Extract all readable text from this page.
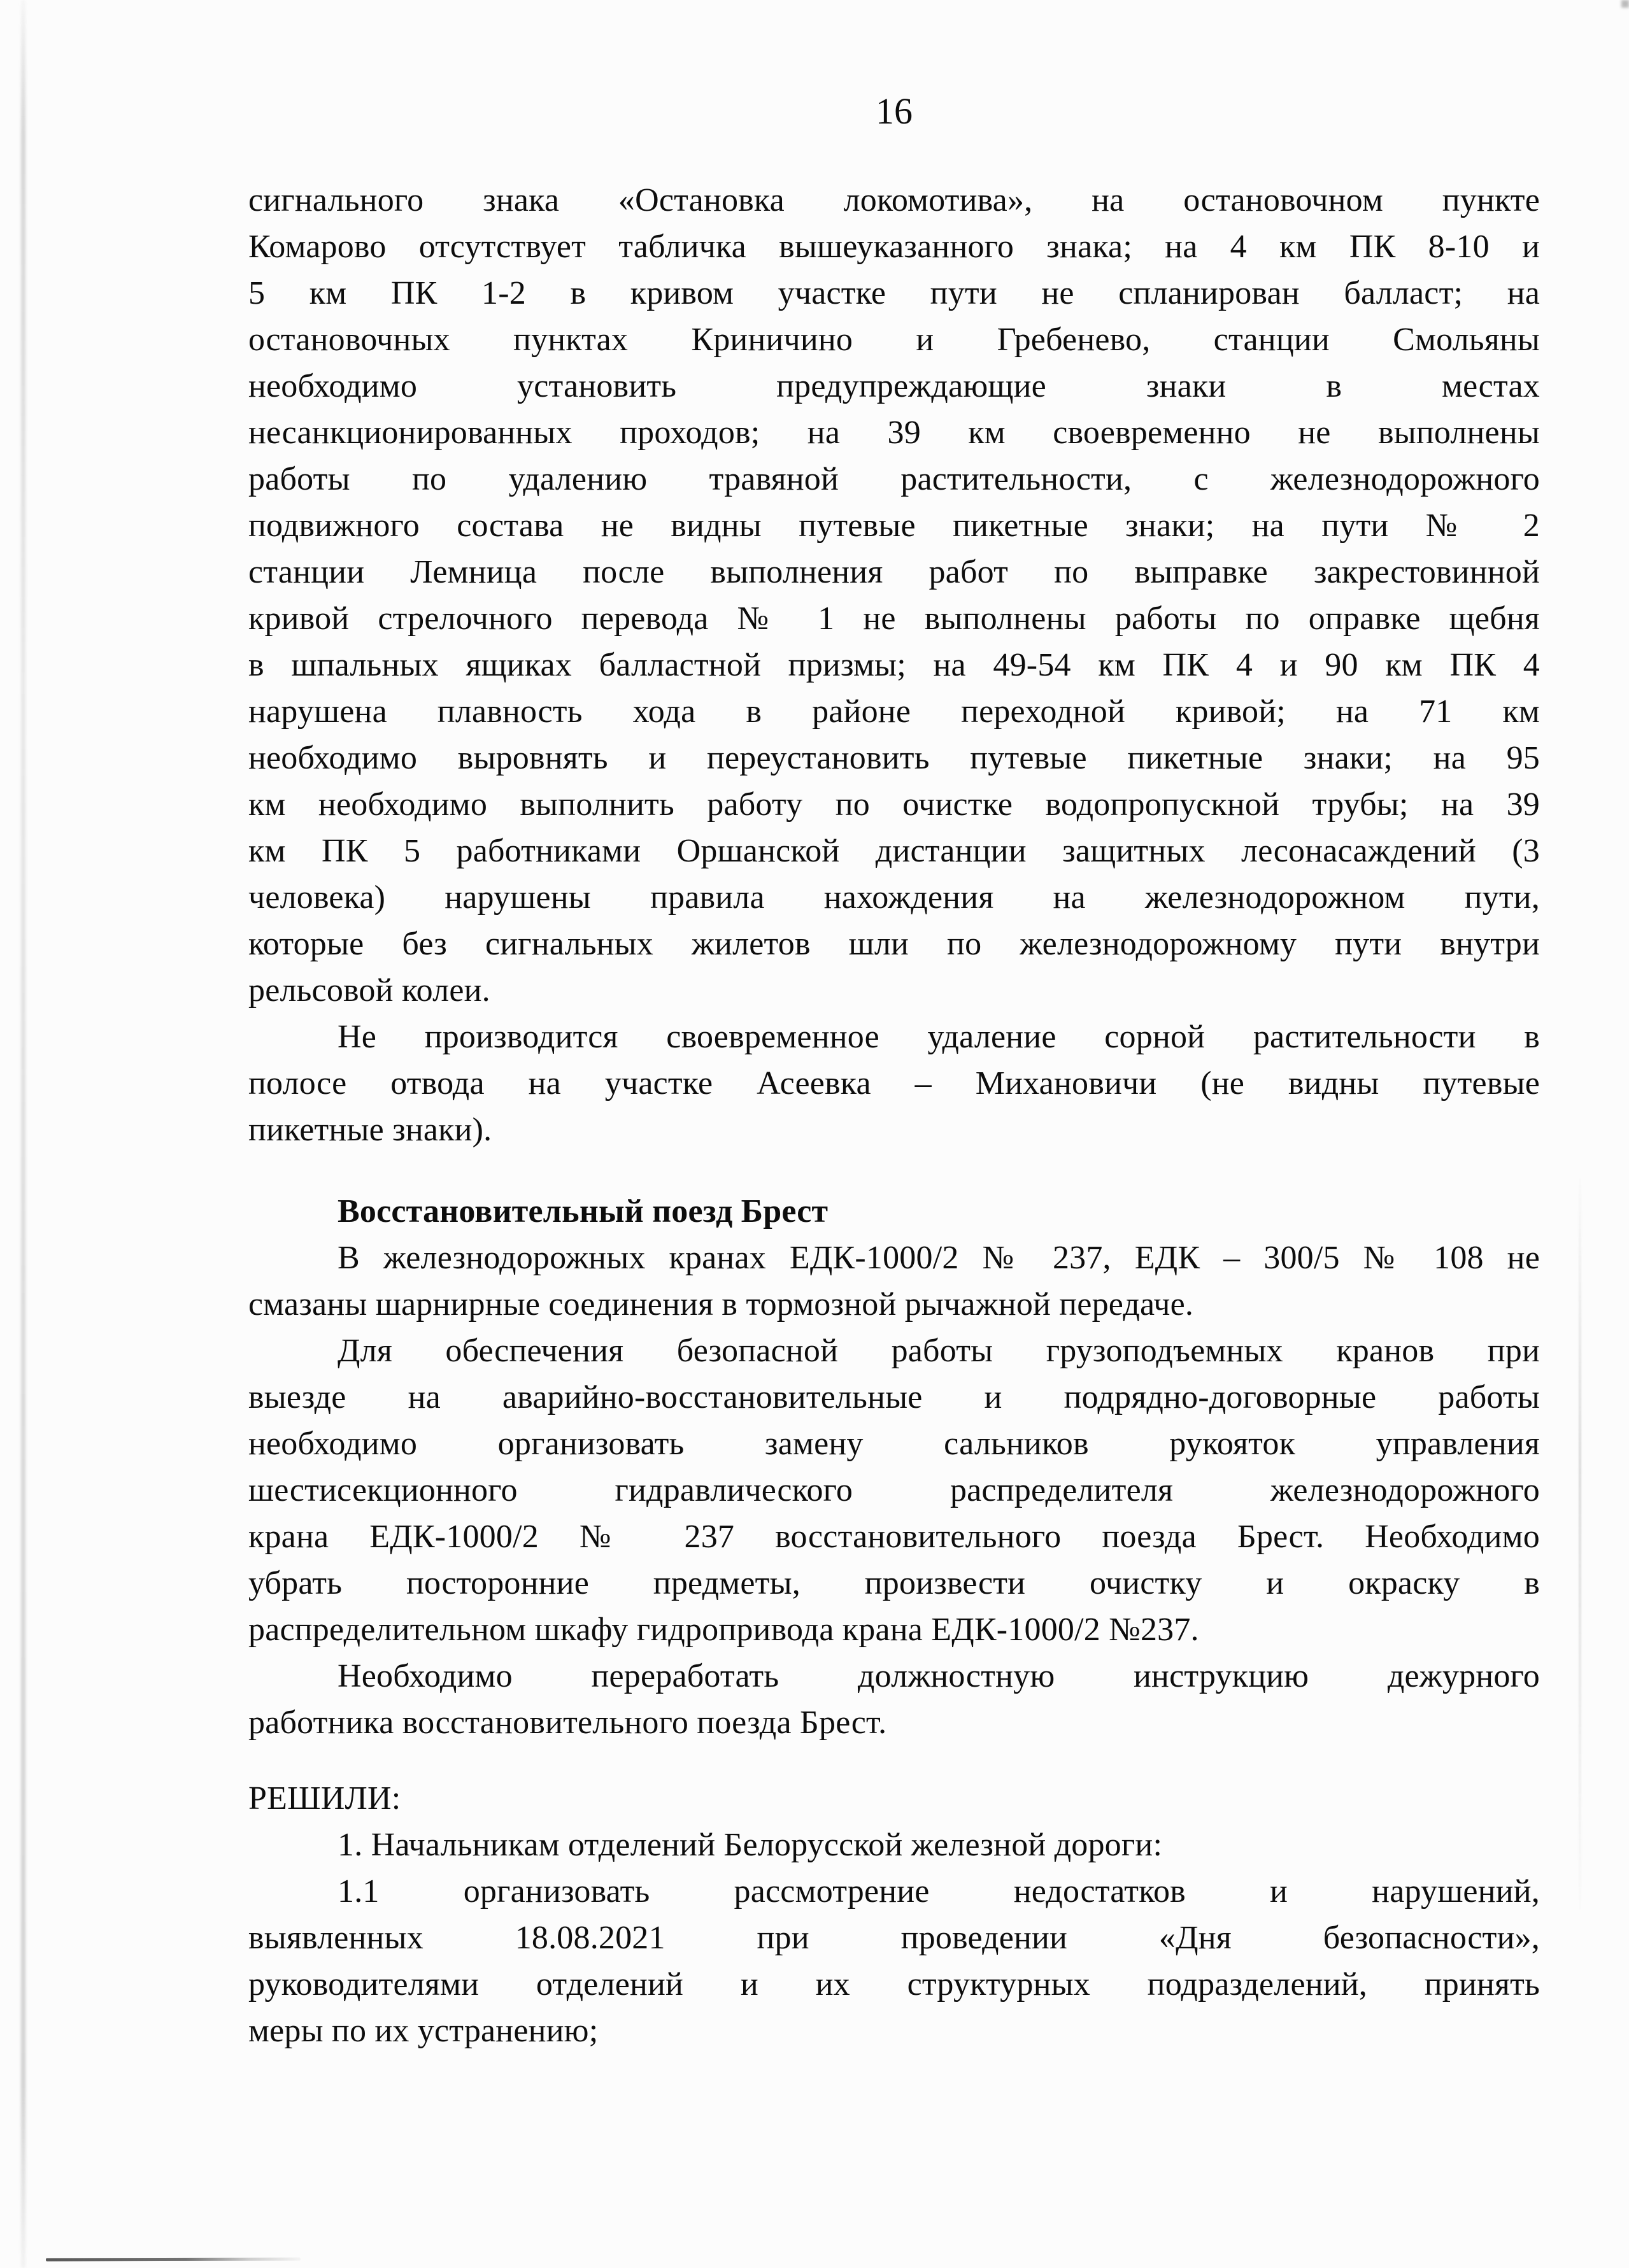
16
сигнального знака «Остановка локомотива», на остановочном пункте
Комарово отсутствует табличка вышеуказанного знака; на 4 км ПК 8-10 и
5 км ПК 1-2 в кривом участке пути не спланирован балласт; на
остановочных пунктах Криничино и Гребенево, станции Смольяны
необходимо установить предупреждающие знаки в местах
несанкционированных проходов; на 39 км своевременно не выполнены
работы по удалению травяной растительности, с железнодорожного
подвижного состава не видны путевые пикетные знаки; на пути № 2
станции Лемница после выполнения работ по выправке закрестовинной
кривой стрелочного перевода № 1 не выполнены работы по оправке щебня
в шпальных ящиках балластной призмы; на 49-54 км ПК 4 и 90 км ПК 4
нарушена плавность хода в районе переходной кривой; на 71 км
необходимо выровнять и переустановить путевые пикетные знаки; на 95
км необходимо выполнить работу по очистке водопропускной трубы; на 39
км ПК 5 работниками Оршанской дистанции защитных лесонасаждений (3
человека) нарушены правила нахождения на железнодорожном пути,
которые без сигнальных жилетов шли по железнодорожному пути внутри
рельсовой колеи.
Не производится своевременное удаление сорной растительности в
полосе отвода на участке Асеевка – Михановичи (не видны путевые
пикетные знаки).
Восстановительный поезд Брест
В железнодорожных кранах ЕДК-1000/2 № 237, ЕДК – 300/5 № 108 не
смазаны шарнирные соединения в тормозной рычажной передаче.
Для обеспечения безопасной работы грузоподъемных кранов при
выезде на аварийно-восстановительные и подрядно-договорные работы
необходимо организовать замену сальников рукояток управления
шестисекционного гидравлического распределителя железнодорожного
крана ЕДК-1000/2 № 237 восстановительного поезда Брест. Необходимо
убрать посторонние предметы, произвести очистку и окраску в
распределительном шкафу гидропривода крана ЕДК-1000/2 №237.
Необходимо переработать должностную инструкцию дежурного
работника восстановительного поезда Брест.
РЕШИЛИ:
1. Начальникам отделений Белорусской железной дороги:
1.1 организовать рассмотрение недостатков и нарушений,
выявленных 18.08.2021 при проведении «Дня безопасности»,
руководителями отделений и их структурных подразделений, принять
меры по их устранению;
